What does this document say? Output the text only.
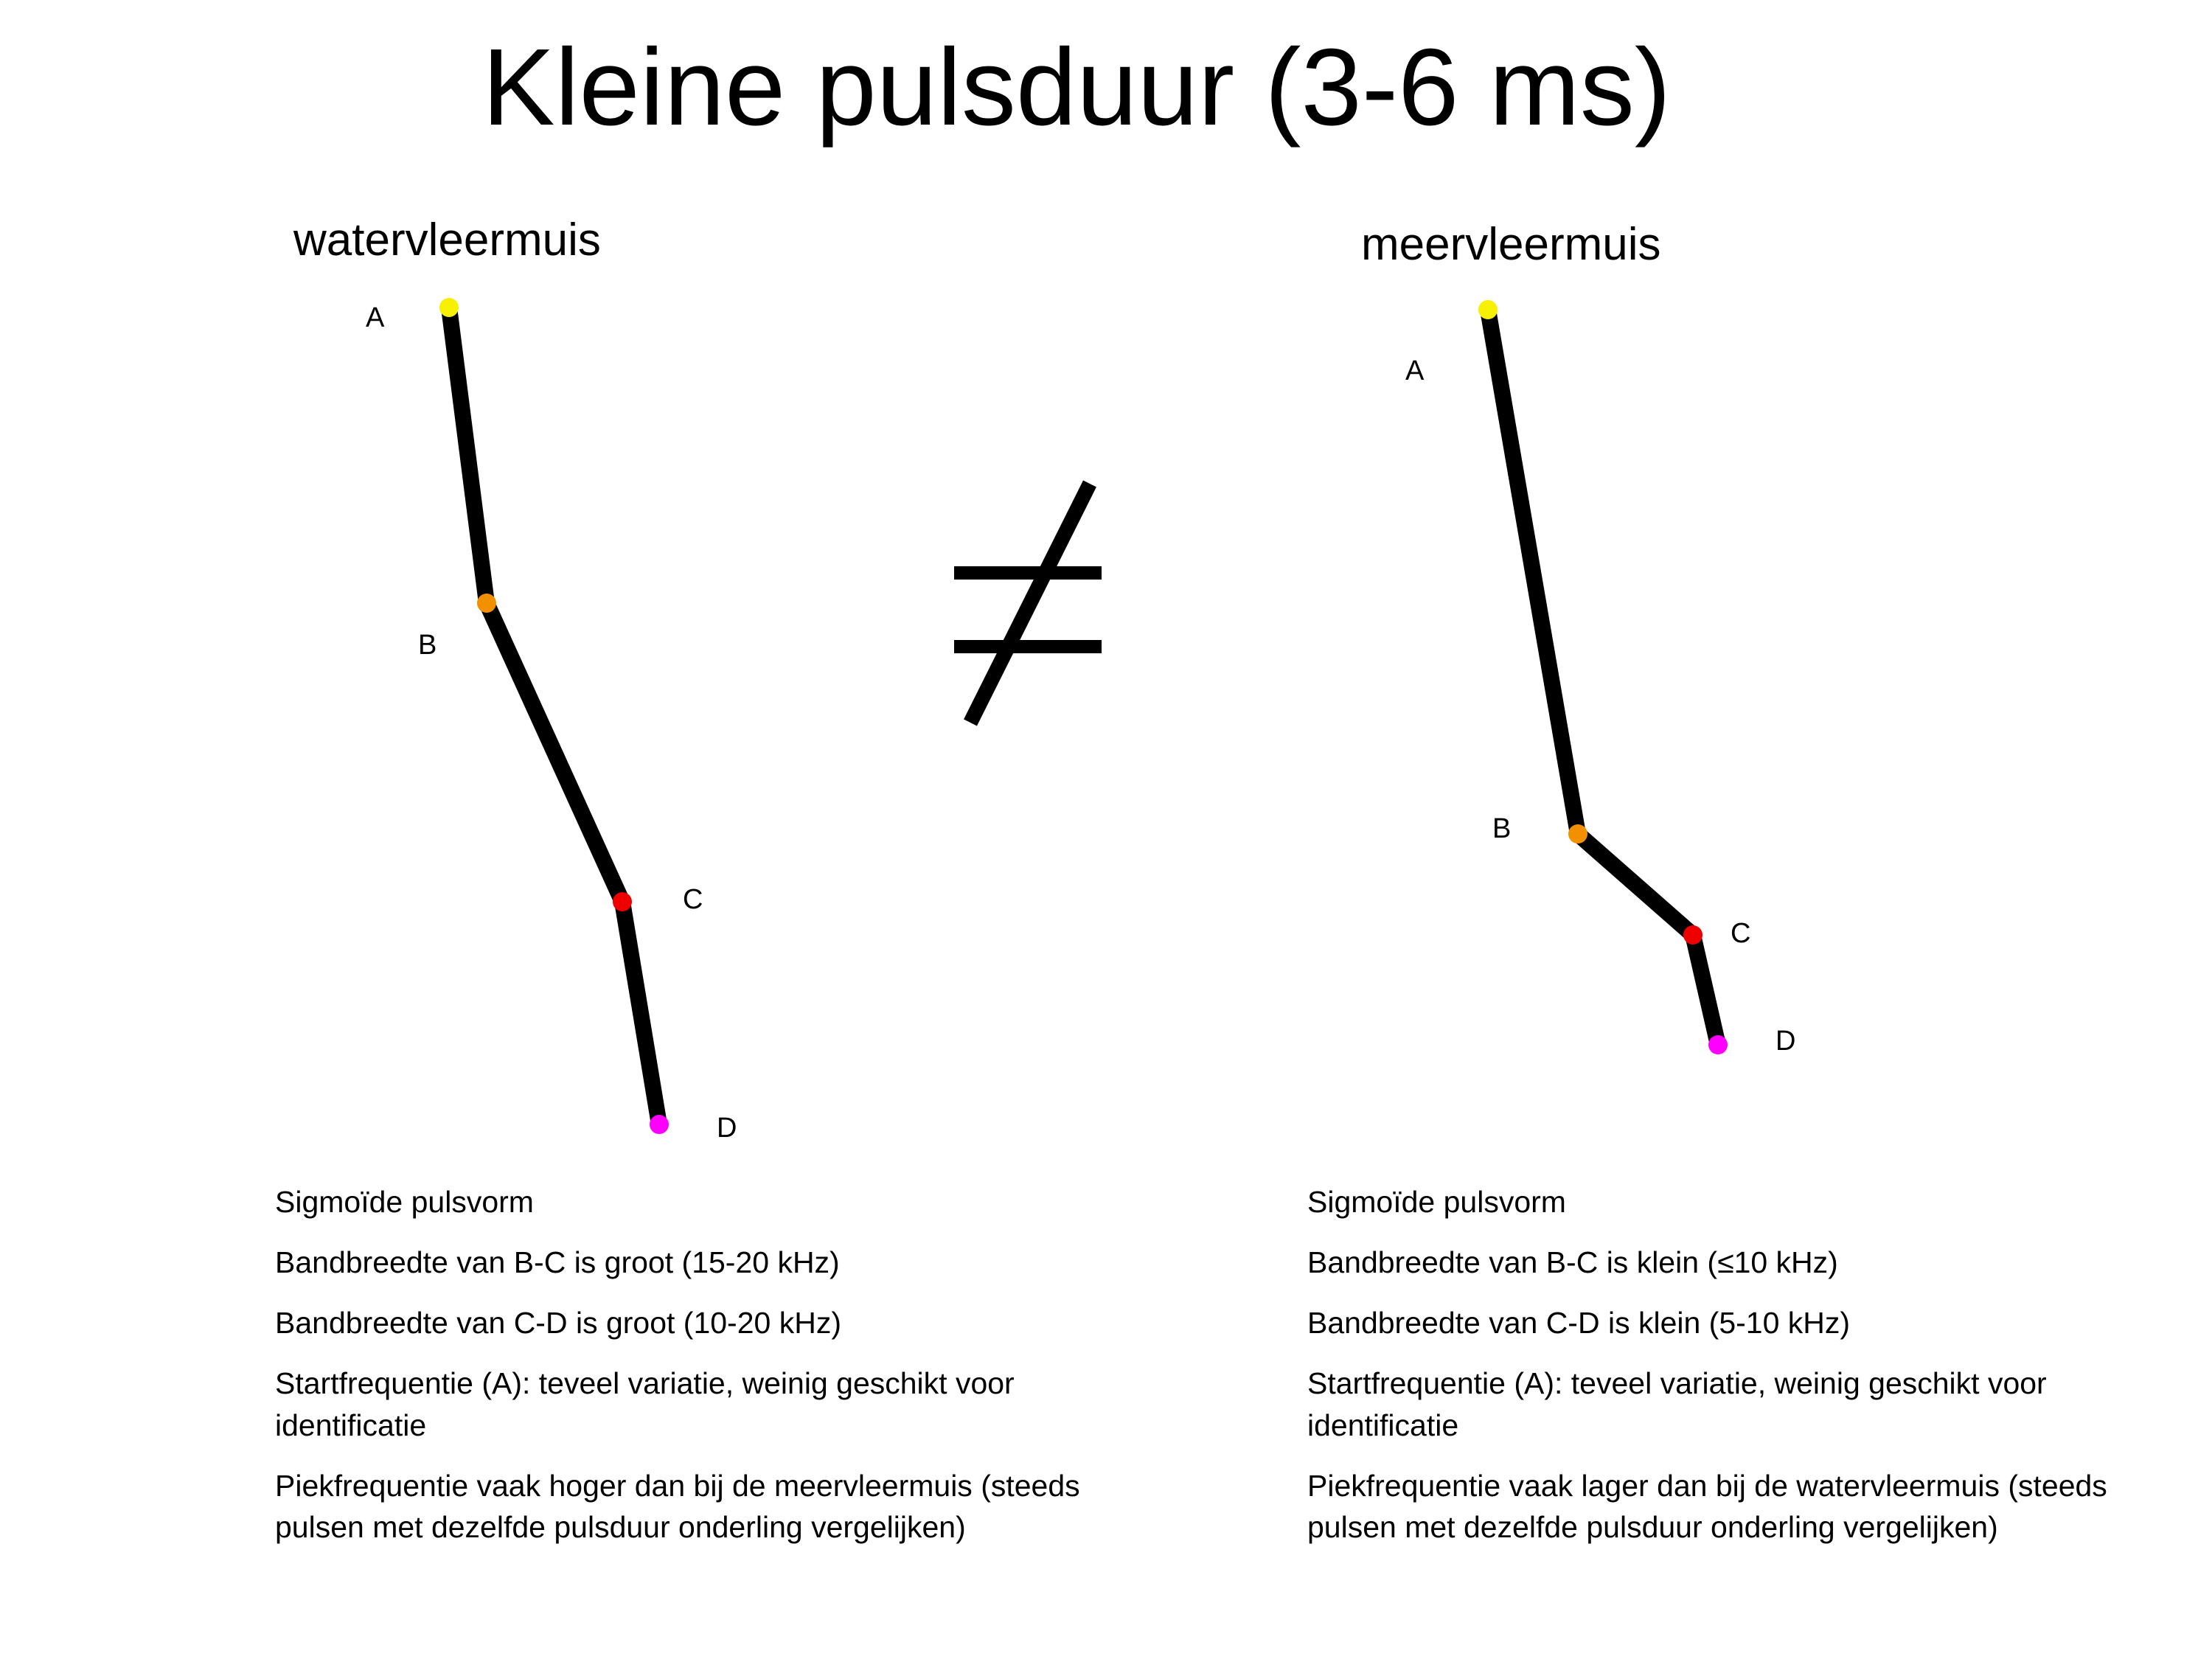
Kleine pulsduur (3-6 ms)
watervleermuis	meervleermuis
A
B
C
D
A
B
C
D

Sigmoïde pulsvorm

Bandbreedte van B-C is groot (15-20 kHz)

Bandbreedte van C-D is groot (10-20 kHz)

Startfrequentie (A): teveel variatie, weinig geschikt voor identificatie

Piekfrequentie vaak hoger dan bij de meervleermuis (steeds pulsen met dezelfde pulsduur onderling vergelijken)

Sigmoïde pulsvorm

Bandbreedte van B-C is klein (≤10 kHz)

Bandbreedte van C-D is klein (5-10 kHz)

Startfrequentie (A): teveel variatie, weinig geschikt voor identificatie

Piekfrequentie vaak lager dan bij de watervleermuis (steeds pulsen met dezelfde pulsduur onderling vergelijken)
